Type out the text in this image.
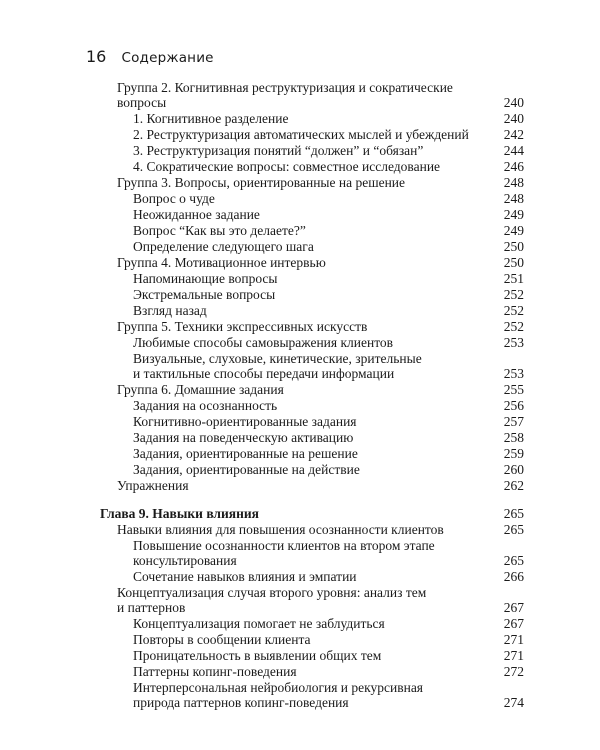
16 Содержание
Группа 2. Когнитивная реструктуризация и сократические
вопросы	240
1. Когнитивное разделение	240
2. Реструктуризация автоматических мыслей и убеждений	242
3. Реструктуризация понятий “должен” и “обязан”	244
4. Сократические вопросы: совместное исследование	246
Группа 3. Вопросы, ориентированные на решение	248
Вопрос о чуде	248
Неожиданное задание	249
Вопрос “Как вы это делаете?”	249
Определение следующего шага	250
Группа 4. Мотивационное интервью	250
Напоминающие вопросы	251
Экстремальные вопросы	252
Взгляд назад	252
Группа 5. Техники экспрессивных искусств	252
Любимые способы самовыражения клиентов	253
Визуальные, слуховые, кинетические, зрительные
и тактильные способы передачи информации	253
Группа 6. Домашние задания	255
Задания на осознанность	256
Когнитивно-ориентированные задания	257
Задания на поведенческую активацию	258
Задания, ориентированные на решение	259
Задания, ориентированные на действие	260
Упражнения	262
Глава 9. Навыки влияния	265
Навыки влияния для повышения осознанности клиентов	265
Повышение осознанности клиентов на втором этапе
консультирования	265
Сочетание навыков влияния и эмпатии	266
Концептуализация случая второго уровня: анализ тем
и паттернов	267
Концептуализация помогает не заблудиться	267
Повторы в сообщении клиента	271
Проницательность в выявлении общих тем	271
Паттерны копинг-поведения	272
Интерперсональная нейробиология и рекурсивная
природа паттернов копинг-поведения	274
